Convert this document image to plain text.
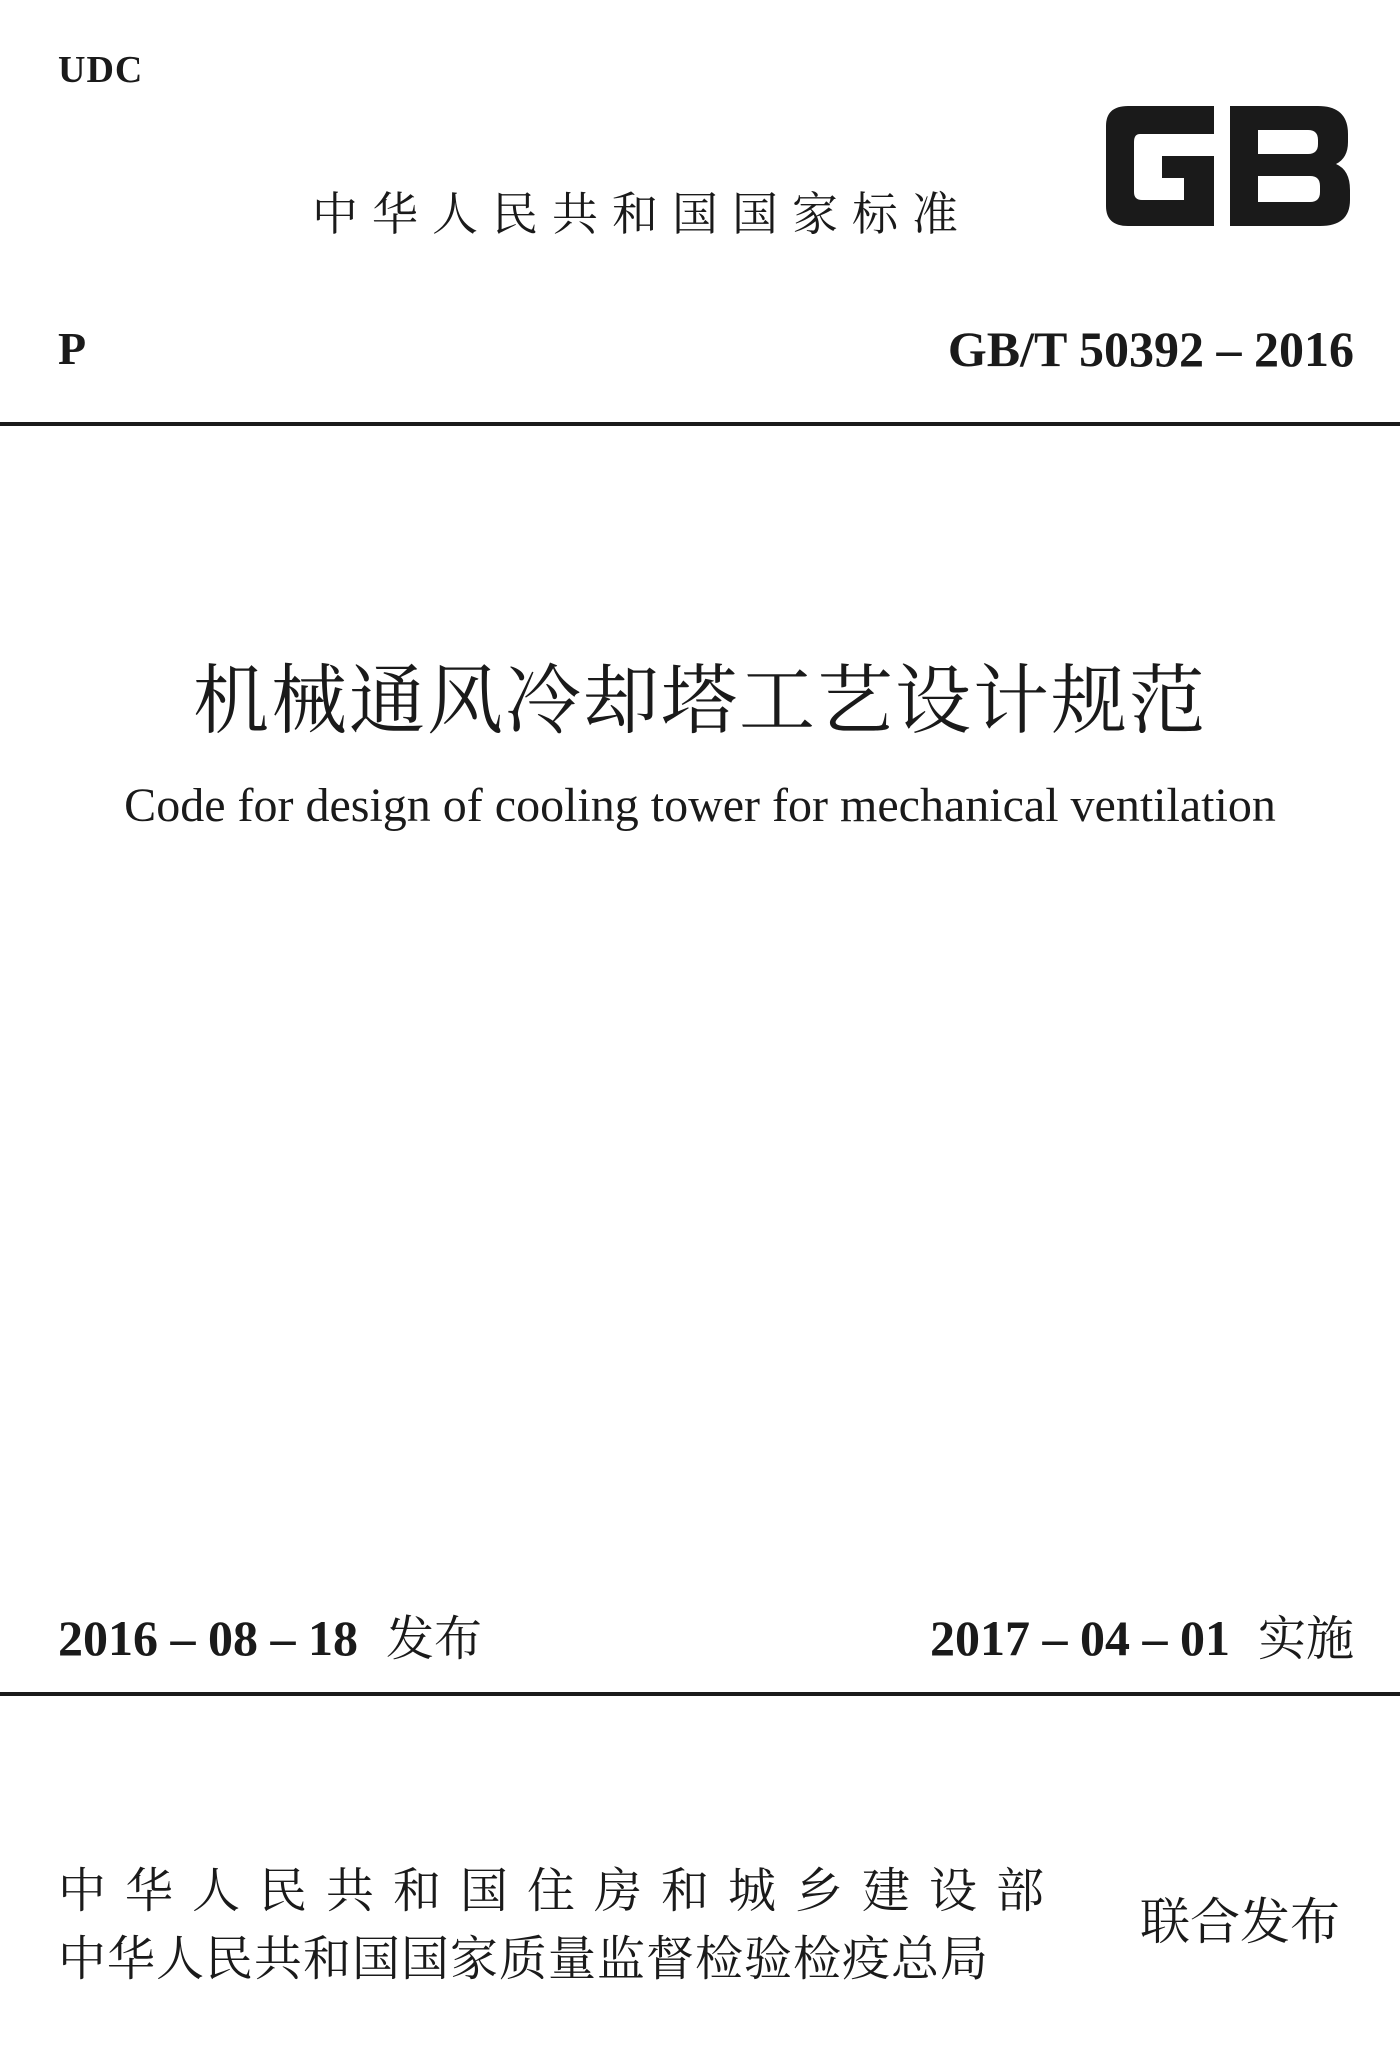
UDC
中华人民共和国国家标准
P	GB/T 50392 – 2016
机械通风冷却塔工艺设计规范
Code for design of cooling tower for mechanical ventilation
2016 – 08 – 18 发布	2017 – 04 – 01 实施
中华人民共和国住房和城乡建设部
中华人民共和国国家质量监督检验检疫总局
联合发布
